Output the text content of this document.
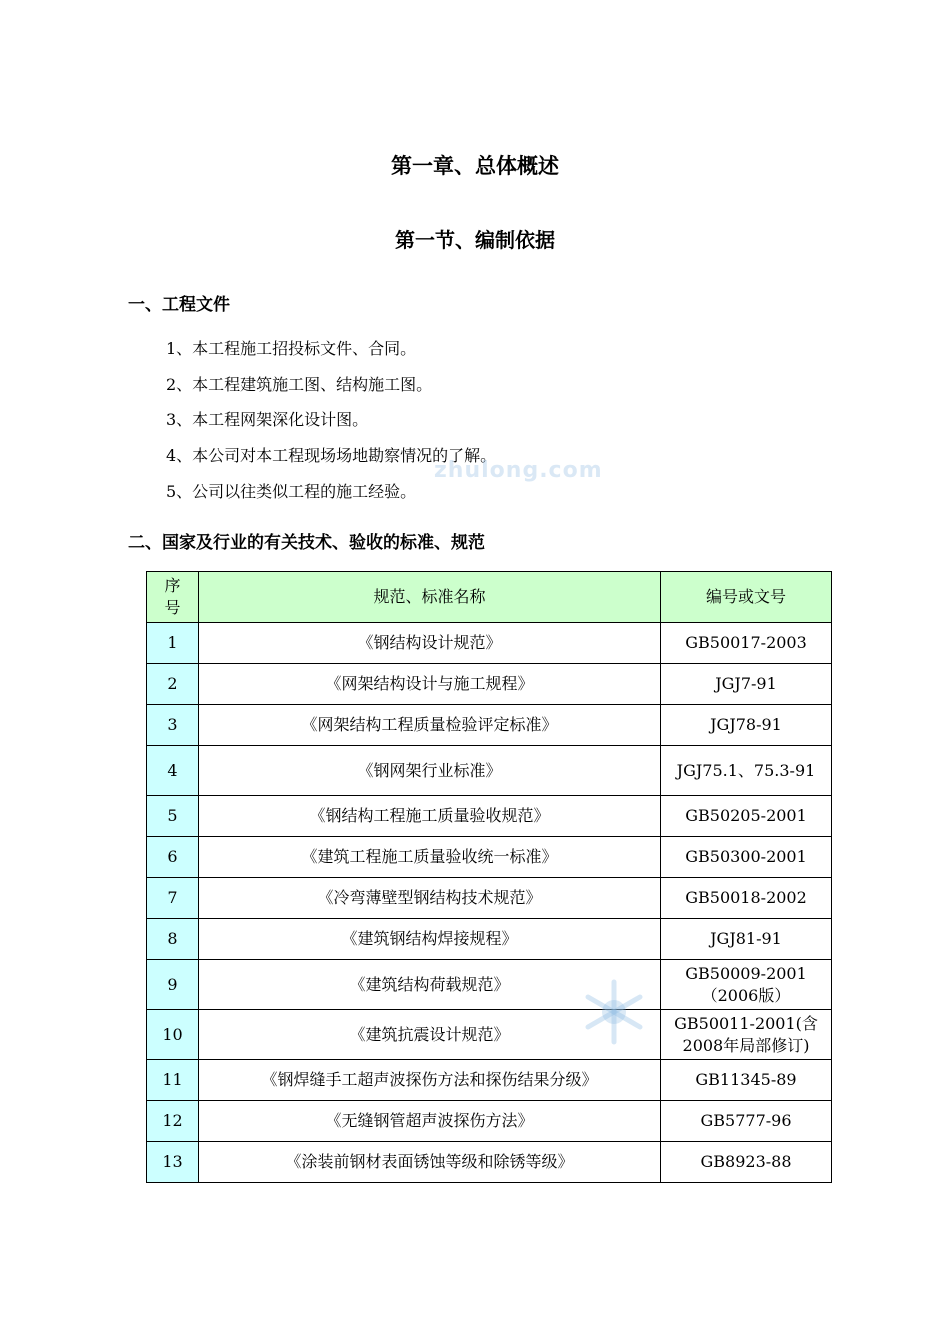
第一章、总体概述
第一节、编制依据
一、工程文件
1、本工程施工招投标文件、合同。
2、本工程建筑施工图、结构施工图。
3、本工程网架深化设计图。
4、本公司对本工程现场场地勘察情况的了解。
5、公司以往类似工程的施工经验。
zhulong.com
二、国家及行业的有关技术、验收的标准、规范
序号	规范、标准名称	编号或文号
1	《钢结构设计规范》	GB50017-2003
2	《网架结构设计与施工规程》	JGJ7-91
3	《网架结构工程质量检验评定标准》	JGJ78-91
4	《钢网架行业标准》	JGJ75.1、75.3-91
5	《钢结构工程施工质量验收规范》	GB50205-2001
6	《建筑工程施工质量验收统一标准》	GB50300-2001
7	《冷弯薄壁型钢结构技术规范》	GB50018-2002
8	《建筑钢结构焊接规程》	JGJ81-91
9	《建筑结构荷载规范》	GB50009-2001（2006版）
10	《建筑抗震设计规范》	GB50011-2001(含2008年局部修订)
11	《钢焊缝手工超声波探伤方法和探伤结果分级》	GB11345-89
12	《无缝钢管超声波探伤方法》	GB5777-96
13	《涂装前钢材表面锈蚀等级和除锈等级》	GB8923-88
